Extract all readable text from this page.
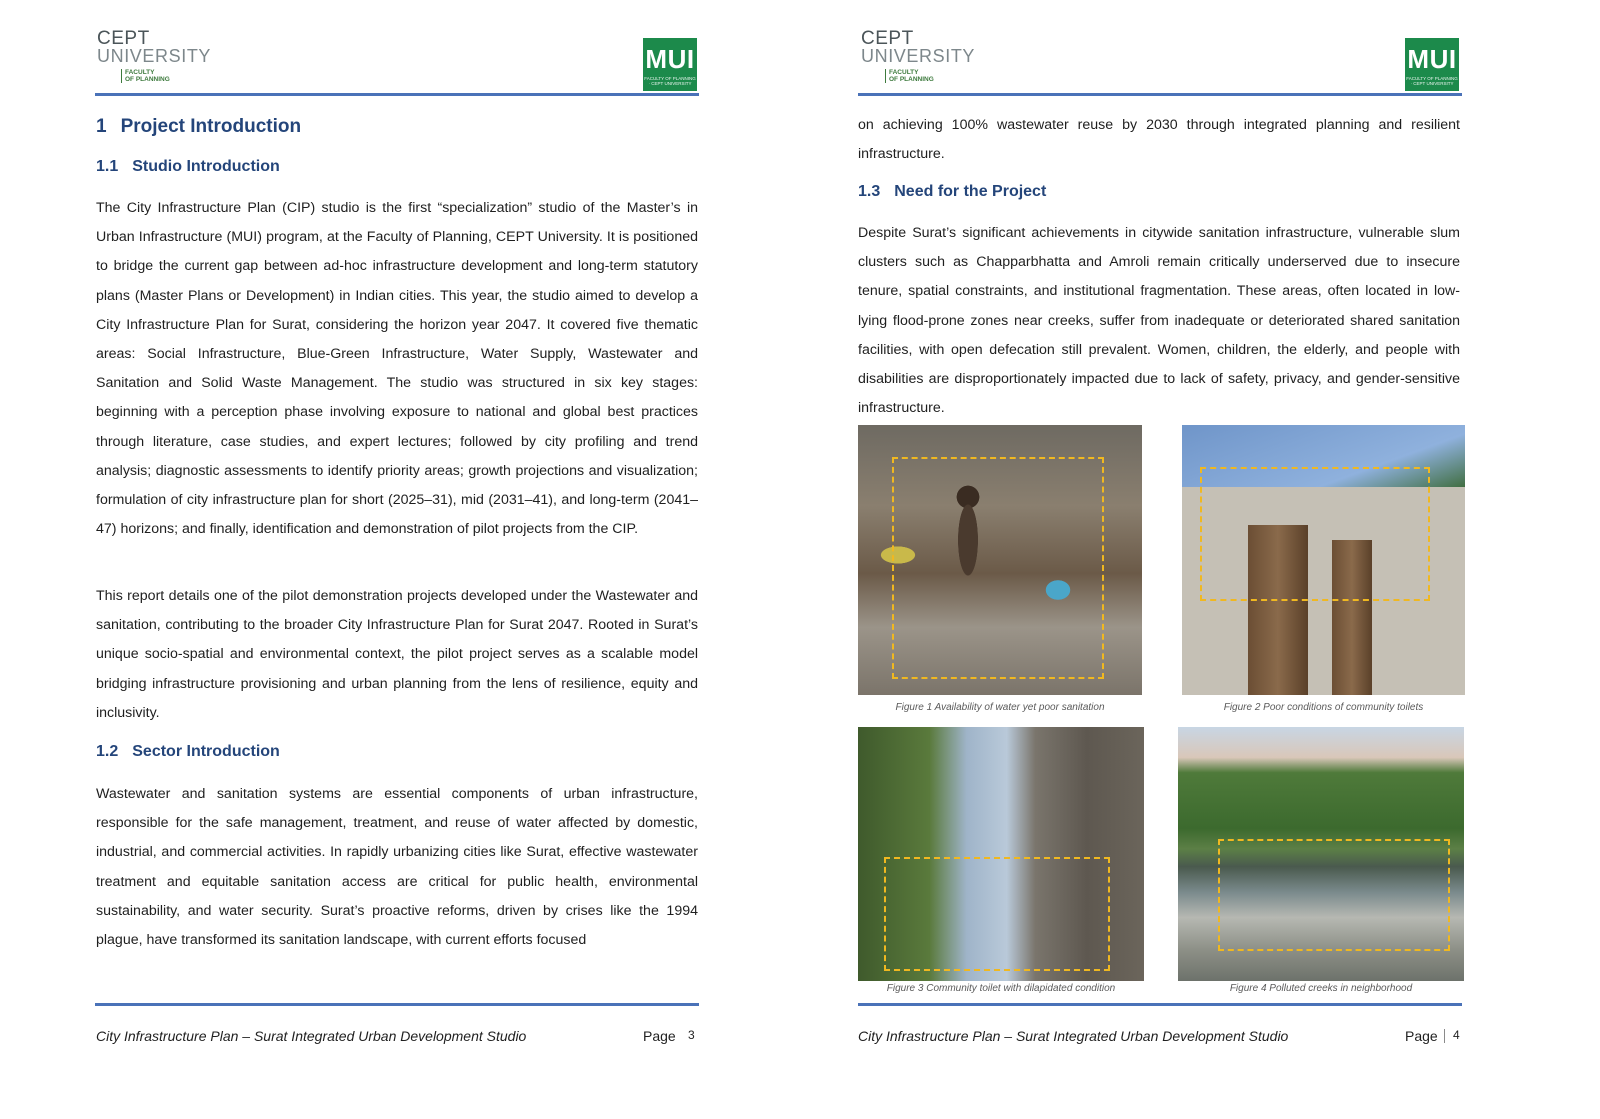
CEPT
UNIVERSITY
FACULTY
OF PLANNING
MUI
FACULTY OF PLANNING · CEPT UNIVERSITY
1 Project Introduction
1.1 Studio Introduction

The City Infrastructure Plan (CIP) studio is the first “specialization” studio of the Master’s in Urban Infrastructure (MUI) program, at the Faculty of Planning, CEPT University. It is positioned to bridge the current gap between ad-hoc infrastructure development and long-term statutory plans (Master Plans or Development) in Indian cities. This year, the studio aimed to develop a City Infrastructure Plan for Surat, considering the horizon year 2047. It covered five thematic areas: Social Infrastructure, Blue-Green Infrastructure, Water Supply, Wastewater and Sanitation and Solid Waste Management. The studio was structured in six key stages: beginning with a perception phase involving exposure to national and global best practices through literature, case studies, and expert lectures; followed by city profiling and trend analysis; diagnostic assessments to identify priority areas; growth projections and visualization; formulation of city infrastructure plan for short (2025–31), mid (2031–41), and long-term (2041–47) horizons; and finally, identification and demonstration of pilot projects from the CIP.

This report details one of the pilot demonstration projects developed under the Wastewater and sanitation, contributing to the broader City Infrastructure Plan for Surat 2047. Rooted in Surat’s unique socio-spatial and environmental context, the pilot project serves as a scalable model bridging infrastructure provisioning and urban planning from the lens of resilience, equity and inclusivity.

1.2 Sector Introduction

Wastewater and sanitation systems are essential components of urban infrastructure, responsible for the safe management, treatment, and reuse of water affected by domestic, industrial, and commercial activities. In rapidly urbanizing cities like Surat, effective wastewater treatment and equitable sanitation access are critical for public health, environmental sustainability, and water security. Surat’s proactive reforms, driven by crises like the 1994 plague, have transformed its sanitation landscape, with current efforts focused

City Infrastructure Plan – Surat Integrated Urban Development Studio	Page 3
CEPT
UNIVERSITY
FACULTY
OF PLANNING
MUI
FACULTY OF PLANNING · CEPT UNIVERSITY

on achieving 100% wastewater reuse by 2030 through integrated planning and resilient infrastructure.

1.3 Need for the Project

Despite Surat’s significant achievements in citywide sanitation infrastructure, vulnerable slum clusters such as Chapparbhatta and Amroli remain critically underserved due to insecure tenure, spatial constraints, and institutional fragmentation. These areas, often located in low-lying flood-prone zones near creeks, suffer from inadequate or deteriorated shared sanitation facilities, with open defecation still prevalent. Women, children, the elderly, and people with disabilities are disproportionately impacted due to lack of safety, privacy, and gender-sensitive infrastructure.

Figure 1 Availability of water yet poor sanitation	Figure 2 Poor conditions of community toilets
Figure 3 Community toilet with dilapidated condition	Figure 4 Polluted creeks in neighborhood
City Infrastructure Plan – Surat Integrated Urban Development Studio	Page 4
